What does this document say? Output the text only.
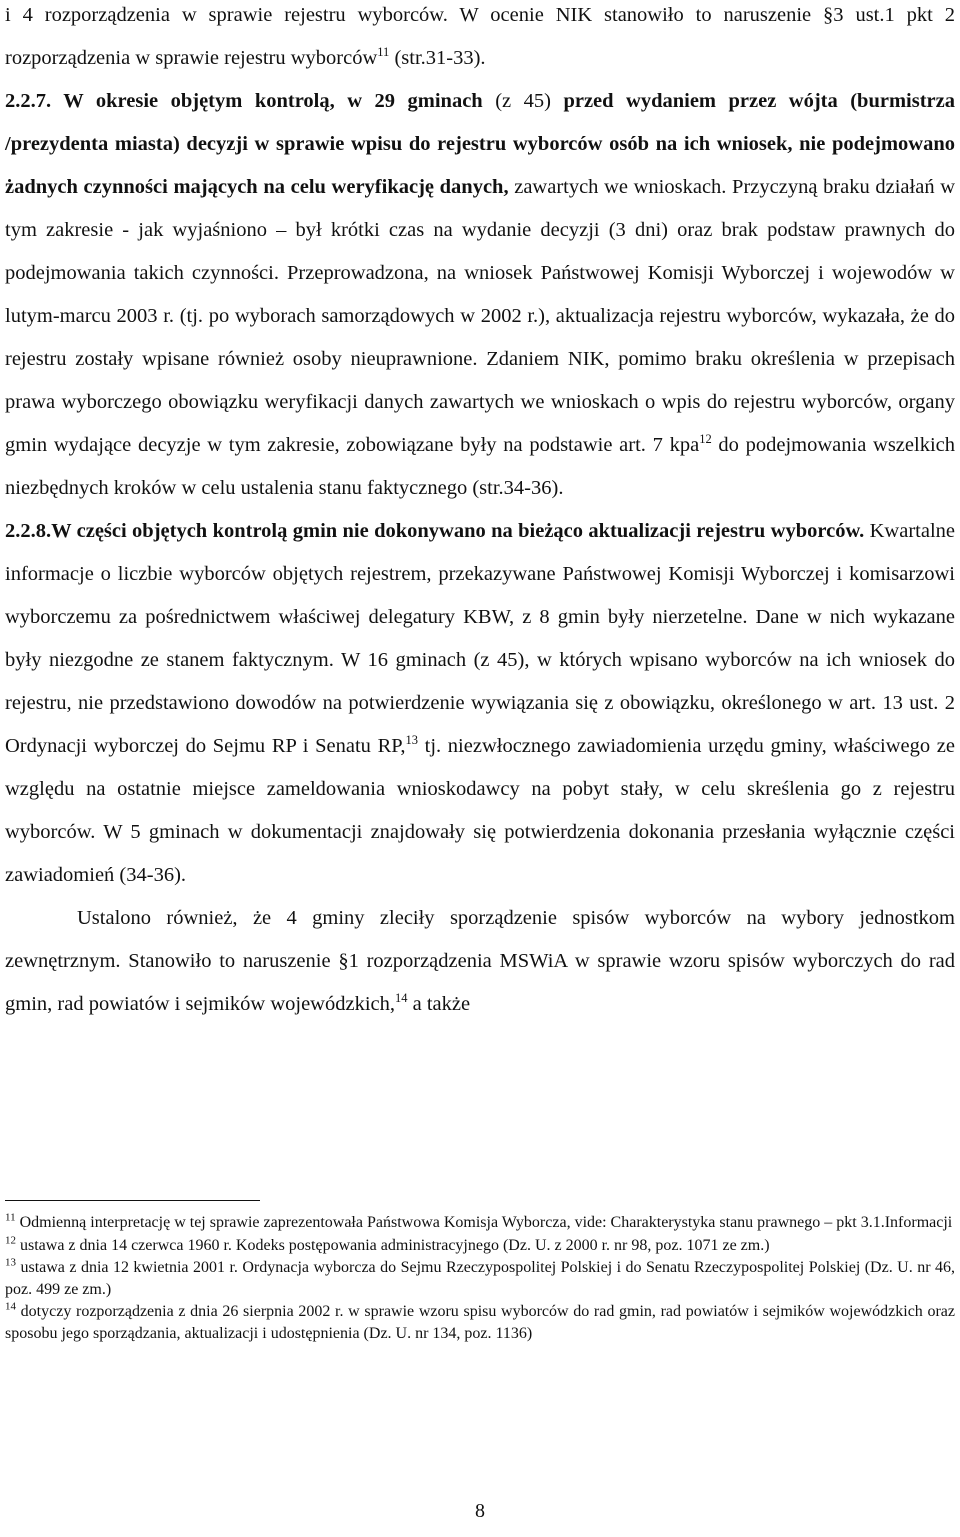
i 4 rozporządzenia w sprawie rejestru wyborców. W ocenie NIK stanowiło to naruszenie §3 ust.1 pkt 2 rozporządzenia w sprawie rejestru wyborców$^{11}$ (str.31-33).

2.2.7. W okresie objętym kontrolą, w 29 gminach (z 45) przed wydaniem przez wójta (burmistrza /prezydenta miasta) decyzji w sprawie wpisu do rejestru wyborców osób na ich wniosek, nie podejmowano żadnych czynności mających na celu weryfikację danych, zawartych we wnioskach. Przyczyną braku działań w tym zakresie - jak wyjaśniono – był krótki czas na wydanie decyzji (3 dni) oraz brak podstaw prawnych do podejmowania takich czynności. Przeprowadzona, na wniosek Państwowej Komisji Wyborczej i wojewodów w lutym-marcu 2003 r. (tj. po wyborach samorządowych w 2002 r.), aktualizacja rejestru wyborców, wykazała, że do rejestru zostały wpisane również osoby nieuprawnione. Zdaniem NIK, pomimo braku określenia w przepisach prawa wyborczego obowiązku weryfikacji danych zawartych we wnioskach o wpis do rejestru wyborców, organy gmin wydające decyzje w tym zakresie, zobowiązane były na podstawie art. 7 kpa$^{12}$ do podejmowania wszelkich niezbędnych kroków w celu ustalenia stanu faktycznego (str.34-36).

2.2.8.W części objętych kontrolą gmin nie dokonywano na bieżąco aktualizacji rejestru wyborców. Kwartalne informacje o liczbie wyborców objętych rejestrem, przekazywane Państwowej Komisji Wyborczej i komisarzowi wyborczemu za pośrednictwem właściwej delegatury KBW, z 8 gmin były nierzetelne. Dane w nich wykazane były niezgodne ze stanem faktycznym. W 16 gminach (z 45), w których wpisano wyborców na ich wniosek do rejestru, nie przedstawiono dowodów na potwierdzenie wywiązania się z obowiązku, określonego w art. 13 ust. 2 Ordynacji wyborczej do Sejmu RP i Senatu RP,$^{13}$ tj. niezwłocznego zawiadomienia urzędu gminy, właściwego ze względu na ostatnie miejsce zameldowania wnioskodawcy na pobyt stały, w celu skreślenia go z rejestru wyborców. W 5 gminach w dokumentacji znajdowały się potwierdzenia dokonania przesłania wyłącznie części zawiadomień (34-36).

Ustalono również, że 4 gminy zleciły sporządzenie spisów wyborców na wybory jednostkom zewnętrznym. Stanowiło to naruszenie §1 rozporządzenia MSWiA w sprawie wzoru spisów wyborczych do rad gmin, rad powiatów i sejmików wojewódzkich,$^{14}$ a także

$^{11}$ Odmienną interpretację w tej sprawie zaprezentowała Państwowa Komisja Wyborcza, vide: Charakterystyka stanu prawnego – pkt 3.1.Informacji

$^{12}$ ustawa z dnia 14 czerwca 1960 r. Kodeks postępowania administracyjnego (Dz. U. z 2000 r. nr 98, poz. 1071 ze zm.)

$^{13}$ ustawa z dnia 12 kwietnia 2001 r. Ordynacja wyborcza do Sejmu Rzeczypospolitej Polskiej i do Senatu Rzeczypospolitej Polskiej (Dz. U. nr 46, poz. 499 ze zm.)

$^{14}$ dotyczy rozporządzenia z dnia 26 sierpnia 2002 r. w sprawie wzoru spisu wyborców do rad gmin, rad powiatów i sejmików wojewódzkich oraz sposobu jego sporządzania, aktualizacji i udostępnienia (Dz. U. nr 134, poz. 1136)

8
